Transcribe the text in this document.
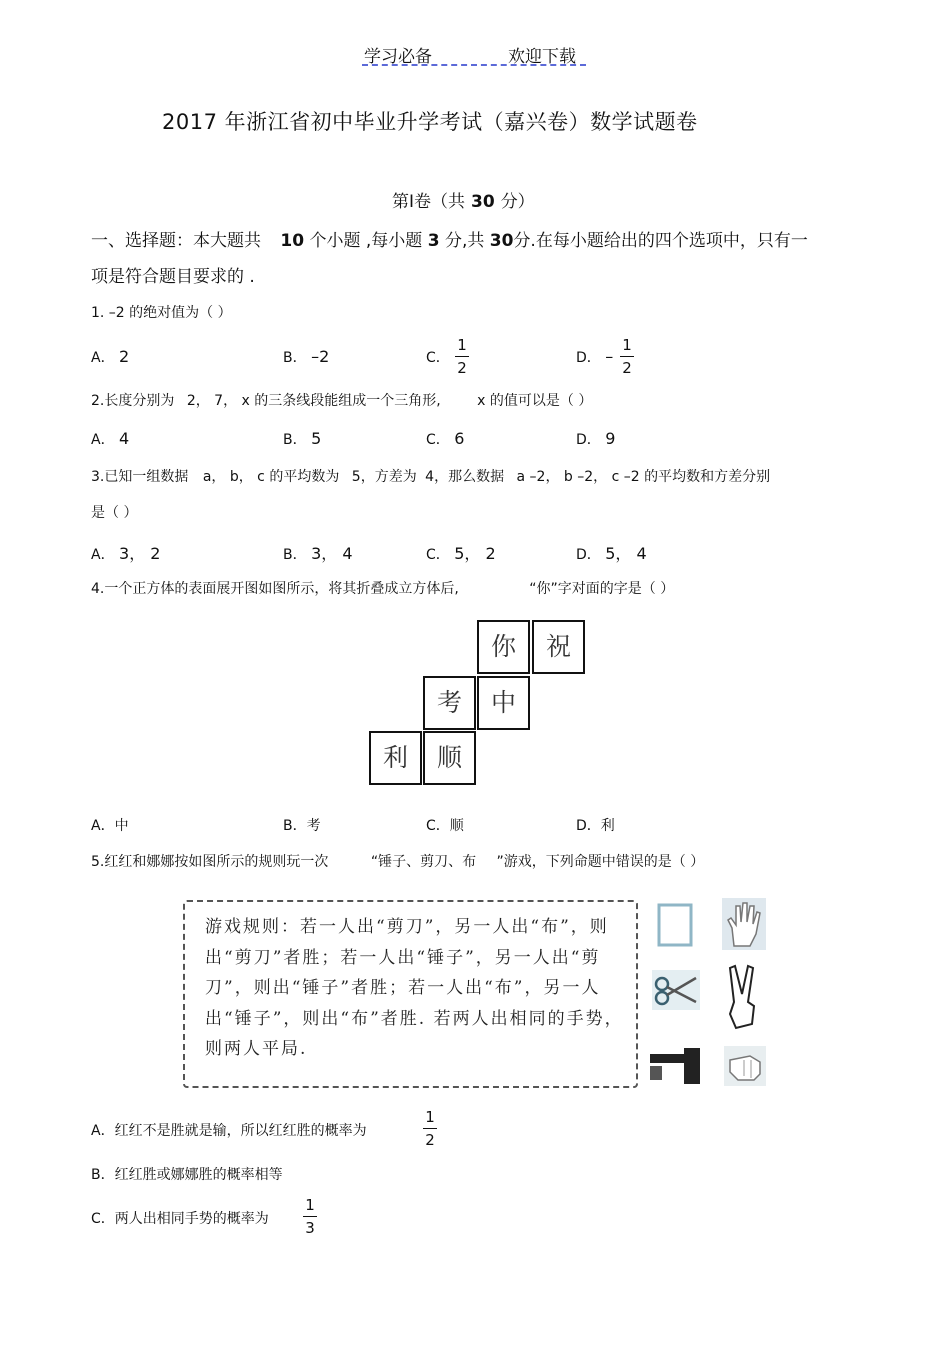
学习必备	欢迎下载
2017 年浙江省初中毕业升学考试（嘉兴卷）数学试题卷
第Ⅰ卷（共 30 分）
一、选择题：本大题共 10 个小题 ,每小题 3 分,共 30分.在每小题给出的四个选项中，只有一
项是符合题目要求的 .
1. –2 的绝对值为（ ）
A． 2	B． –2	C．
1
2
D． –
1
2
2.长度分别为 2， 7， x 的三条线段能组成一个三角形,	x 的值可以是（ ）
A． 4	B． 5	C． 6	D． 9
3.已知一组数据 a， b， c 的平均数为 5，方差为 4，那么数据 a –2， b –2， c –2 的平均数和方差分别
是（ ）
A． 3， 2	B． 3， 4	C． 5， 2	D． 5， 4
4.一个正方体的表面展开图如图所示，将其折叠成立方体后,	“你”字对面的字是（ ）
你	祝
考	中
利	顺
A．中	B．考	C．顺	D．利
5.红红和娜娜按如图所示的规则玩一次	“锤子、剪刀、布 ”游戏，下列命题中错误的是（ ）
游戏规则：若一人出“剪刀”，另一人出“布”，则出“剪刀”者胜；若一人出“锤子”，另一人出“剪刀”，则出“锤子”者胜；若一人出“布”，另一人出“锤子”，则出“布”者胜. 若两人出相同的手势，则两人平局.
A．红红不是胜就是输，所以红红胜的概率为
1
2
B．红红胜或娜娜胜的概率相等
C．两人出相同手势的概率为
1
3
